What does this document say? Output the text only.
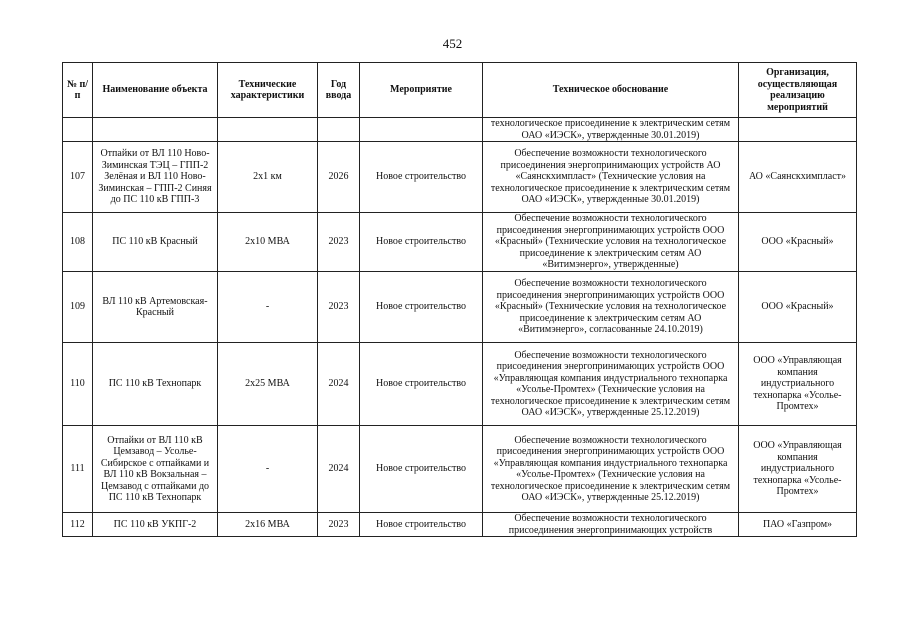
452
№ п/п	Наименование объекта	Технические характеристики	Год ввода	Мероприятие	Техническое обоснование	Организация, осуществляющая реализацию мероприятий
					технологическое присоединение к электрическим сетям ОАО «ИЭСК», утвержденные 30.01.2019)	
107	Отпайки от ВЛ 110 Ново-Зиминская ТЭЦ – ГПП-2 Зелёная и ВЛ 110 Ново-Зиминская – ГПП-2 Синяя до ПС 110 кВ ГПП-3	2х1 км	2026	Новое строительство	Обеспечение возможности технологического присоединения энергопринимающих устройств АО «Саянскхимпласт» (Технические условия на технологическое присоединение к электрическим сетям ОАО «ИЭСК», утвержденные 30.01.2019)	АО «Саянскхимпласт»
108	ПС 110 кВ Красный	2х10 МВА	2023	Новое строительство	Обеспечение возможности технологического присоединения энергопринимающих устройств ООО «Красный» (Технические условия на технологическое присоединение к электрическим сетям АО «Витимэнерго», утвержденные)	ООО «Красный»
109	ВЛ 110 кВ Артемовская-Красный	-	2023	Новое строительство	Обеспечение возможности технологического присоединения энергопринимающих устройств ООО «Красный» (Технические условия на технологическое присоединение к электрическим сетям АО «Витимэнерго», согласованные 24.10.2019)	ООО «Красный»
110	ПС 110 кВ Технопарк	2х25 МВА	2024	Новое строительство	Обеспечение возможности технологического присоединения энергопринимающих устройств ООО «Управляющая компания индустриального технопарка «Усолье-Промтех» (Технические условия на технологическое присоединение к электрическим сетям ОАО «ИЭСК», утвержденные 25.12.2019)	ООО «Управляющая компания индустриального технопарка «Усолье-Промтех»
111	Отпайки от ВЛ 110 кВ Цемзавод – Усолье-Сибирское с отпайками и ВЛ 110 кВ Вокзальная – Цемзавод с отпайками до ПС 110 кВ Технопарк	-	2024	Новое строительство	Обеспечение возможности технологического присоединения энергопринимающих устройств ООО «Управляющая компания индустриального технопарка «Усолье-Промтех» (Технические условия на технологическое присоединение к электрическим сетям ОАО «ИЭСК», утвержденные 25.12.2019)	ООО «Управляющая компания индустриального технопарка «Усолье-Промтех»
112	ПС 110 кВ УКПГ-2	2х16 МВА	2023	Новое строительство	Обеспечение возможности технологического присоединения энергопринимающих устройств	ПАО «Газпром»
